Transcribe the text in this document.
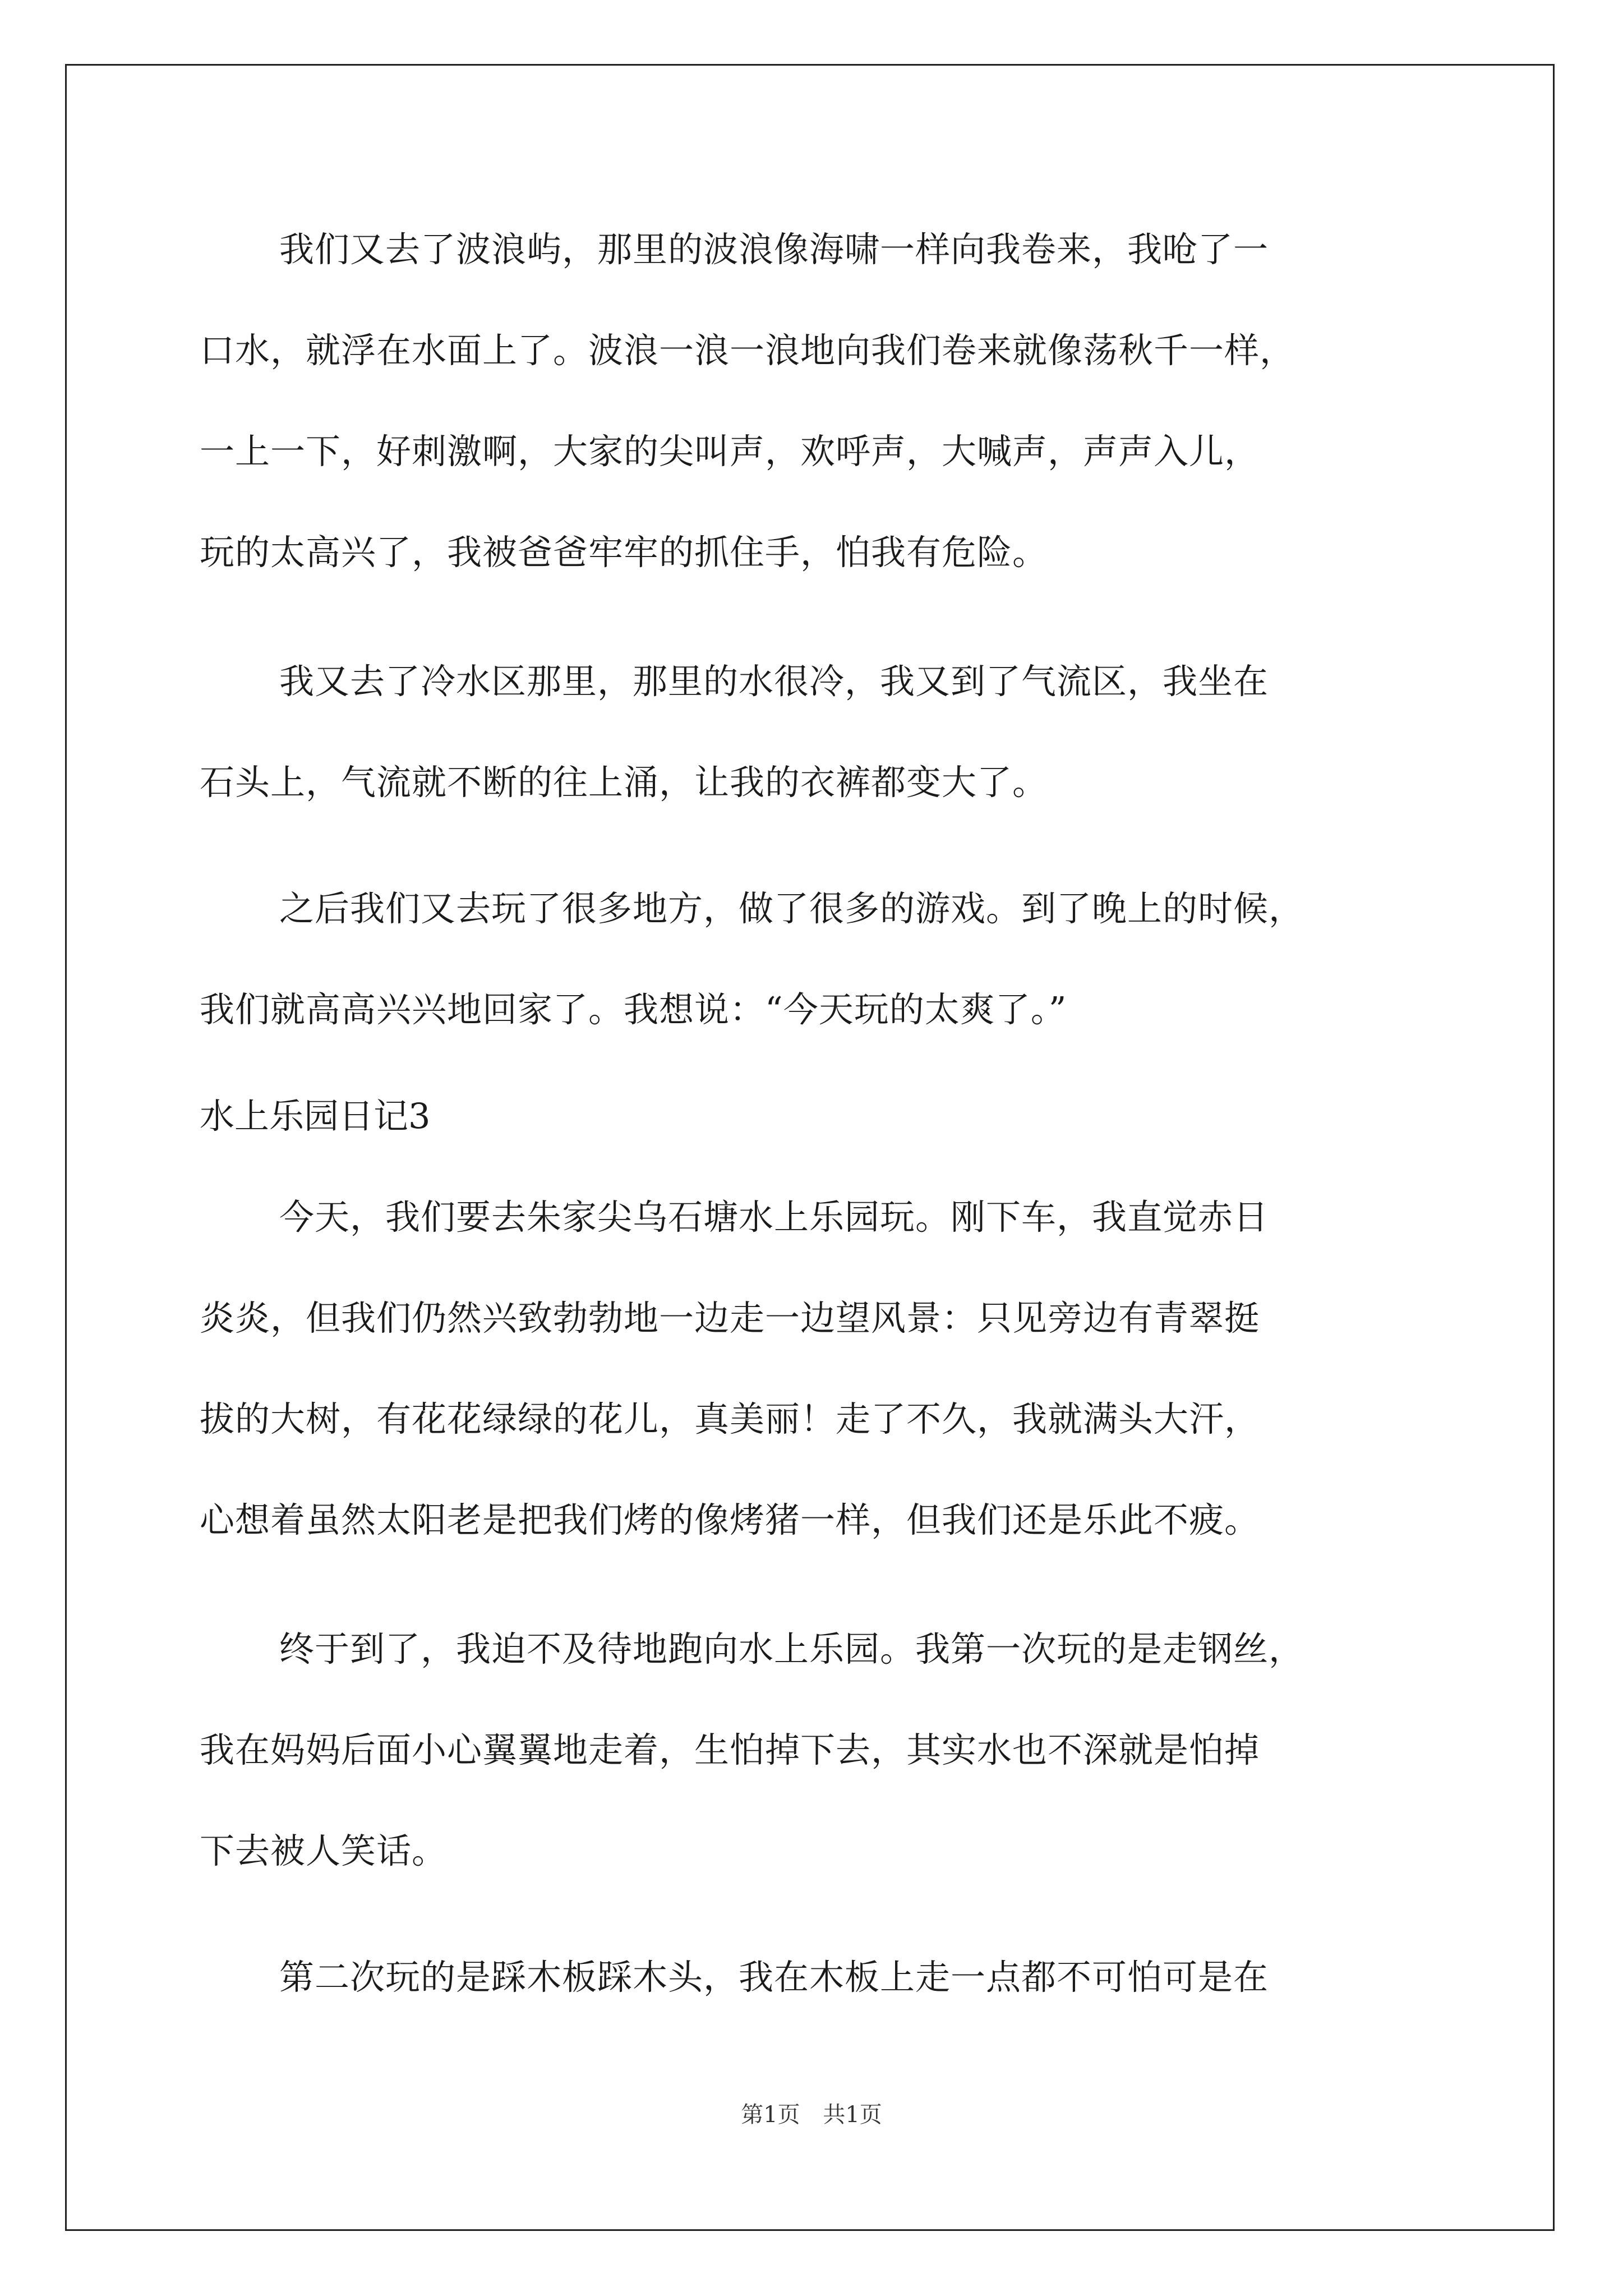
我们又去了波浪屿，那里的波浪像海啸一样向我卷来，我呛了一
口水，就浮在水面上了。波浪一浪一浪地向我们卷来就像荡秋千一样，
一上一下，好刺激啊，大家的尖叫声，欢呼声，大喊声，声声入儿，
玩的太高兴了，我被爸爸牢牢的抓住手，怕我有危险。
我又去了冷水区那里，那里的水很冷，我又到了气流区，我坐在
石头上，气流就不断的往上涌，让我的衣裤都变大了。
之后我们又去玩了很多地方，做了很多的游戏。到了晚上的时候，
我们就高高兴兴地回家了。我想说：“今天玩的太爽了。”
水上乐园日记3
今天，我们要去朱家尖乌石塘水上乐园玩。刚下车，我直觉赤日
炎炎，但我们仍然兴致勃勃地一边走一边望风景：只见旁边有青翠挺
拔的大树，有花花绿绿的花儿，真美丽！走了不久，我就满头大汗，
心想着虽然太阳老是把我们烤的像烤猪一样，但我们还是乐此不疲。
终于到了，我迫不及待地跑向水上乐园。我第一次玩的是走钢丝，
我在妈妈后面小心翼翼地走着，生怕掉下去，其实水也不深就是怕掉
下去被人笑话。
第二次玩的是踩木板踩木头，我在木板上走一点都不可怕可是在
第1页 共1页
